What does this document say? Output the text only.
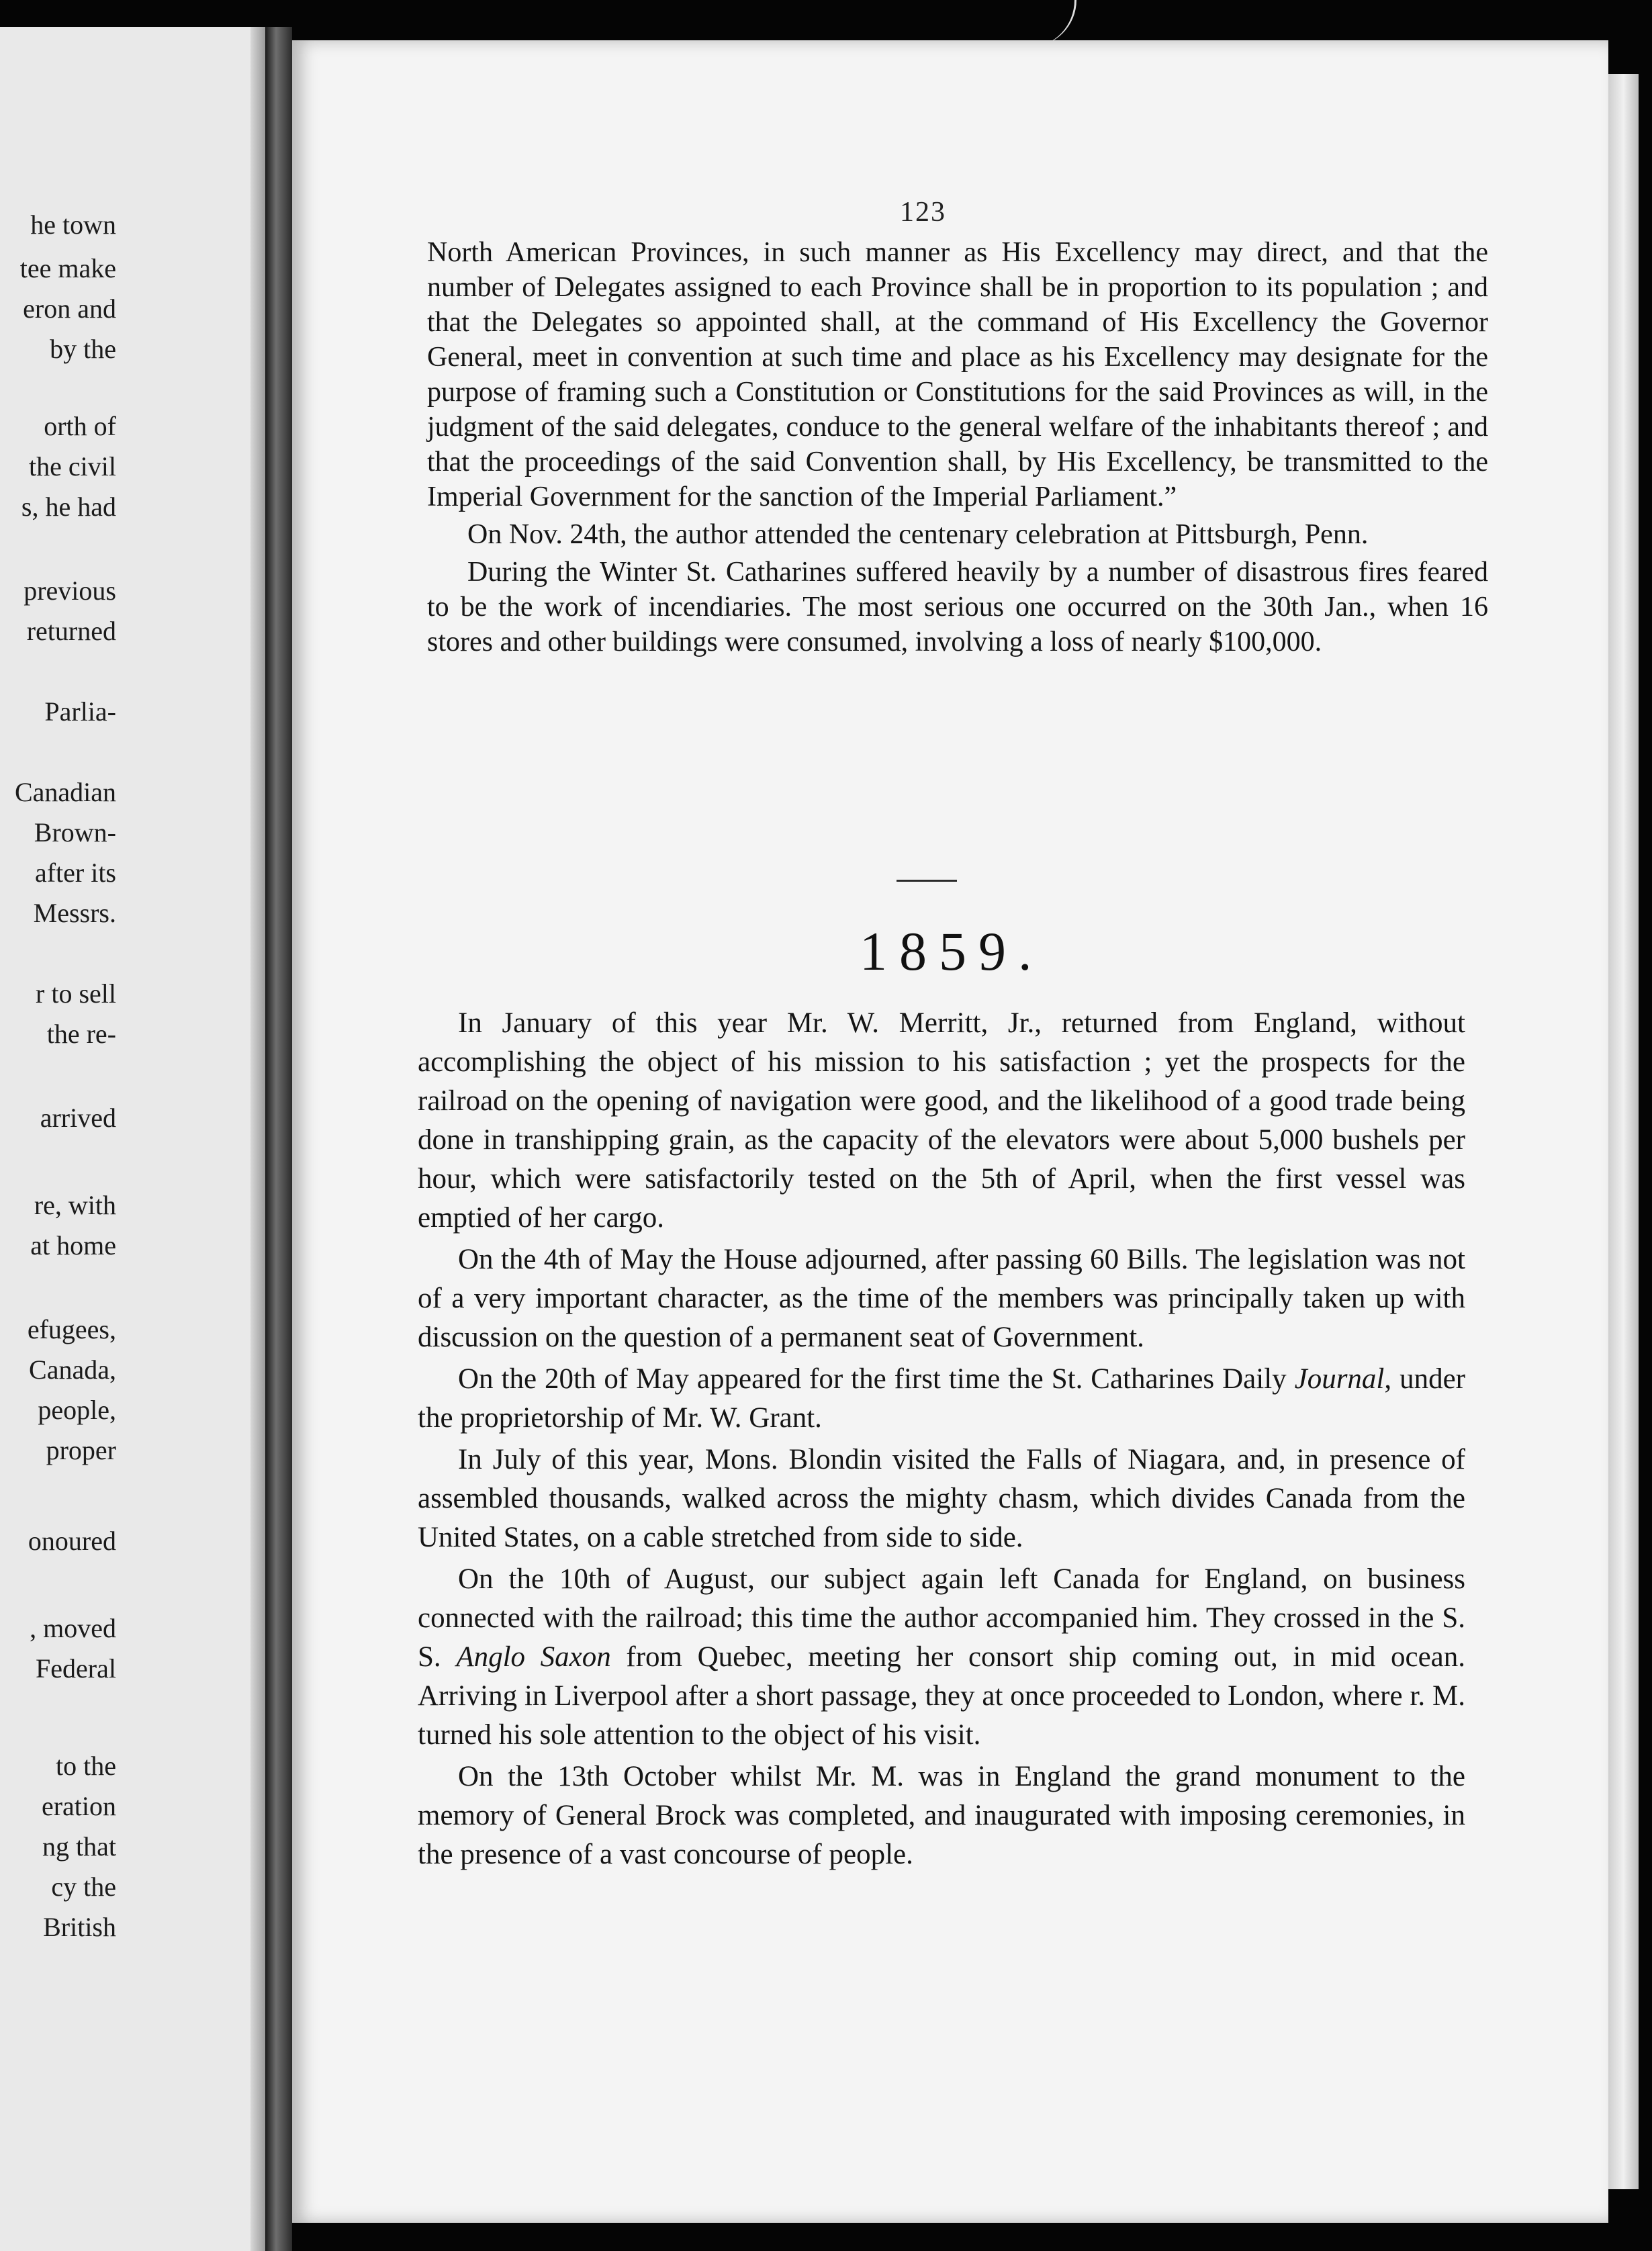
he town
tee make
eron and
by the
orth of
the civil
s, he had
previous
returned
Parlia-
Canadian
Brown-
after its
Messrs.
r to sell
the re-
arrived
re, with
at home
efugees,
Canada,
people,
proper
onoured
, moved
Federal
to the
eration
ng that
cy the
British
123

North American Provinces, in such manner as His Excellency may direct, and that the number of Delegates assigned to each Province shall be in proportion to its population ; and that the Delegates so appointed shall, at the command of His Excellency the Governor General, meet in convention at such time and place as his Excellency may designate for the purpose of framing such a Constitution or Constitutions for the said Provinces as will, in the judgment of the said delegates, conduce to the general welfare of the inhabitants thereof ; and that the proceedings of the said Convention shall, by His Excellency, be transmitted to the Imperial Government for the sanction of the Imperial Parliament.”

On Nov. 24th, the author attended the centenary celebration at Pittsburgh, Penn.

During the Winter St. Catharines suffered heavily by a number of disastrous fires feared to be the work of incendiaries. The most serious one occurred on the 30th Jan., when 16 stores and other buildings were consumed, involving a loss of nearly $100,000.

1859.

In January of this year Mr. W. Merritt, Jr., returned from England, without accomplishing the object of his mission to his satisfaction ; yet the prospects for the railroad on the opening of navigation were good, and the likelihood of a good trade being done in transhipping grain, as the capacity of the elevators were about 5,000 bushels per hour, which were satisfactorily tested on the 5th of April, when the first vessel was emptied of her cargo.

On the 4th of May the House adjourned, after passing 60 Bills. The legislation was not of a very important character, as the time of the members was principally taken up with discussion on the question of a permanent seat of Government.

On the 20th of May appeared for the first time the St. Catharines Daily Journal, under the proprietorship of Mr. W. Grant.

In July of this year, Mons. Blondin visited the Falls of Niagara, and, in presence of assembled thousands, walked across the mighty chasm, which divides Canada from the United States, on a cable stretched from side to side.

On the 10th of August, our subject again left Canada for England, on business connected with the railroad; this time the author accompanied him. They crossed in the S. S. Anglo Saxon from Quebec, meeting her consort ship coming out, in mid ocean. Arriving in Liverpool after a short passage, they at once proceeded to London, where r. M. turned his sole attention to the object of his visit.

On the 13th October whilst Mr. M. was in England the grand monument to the memory of General Brock was completed, and inaugurated with imposing ceremonies, in the presence of a vast concourse of people.
